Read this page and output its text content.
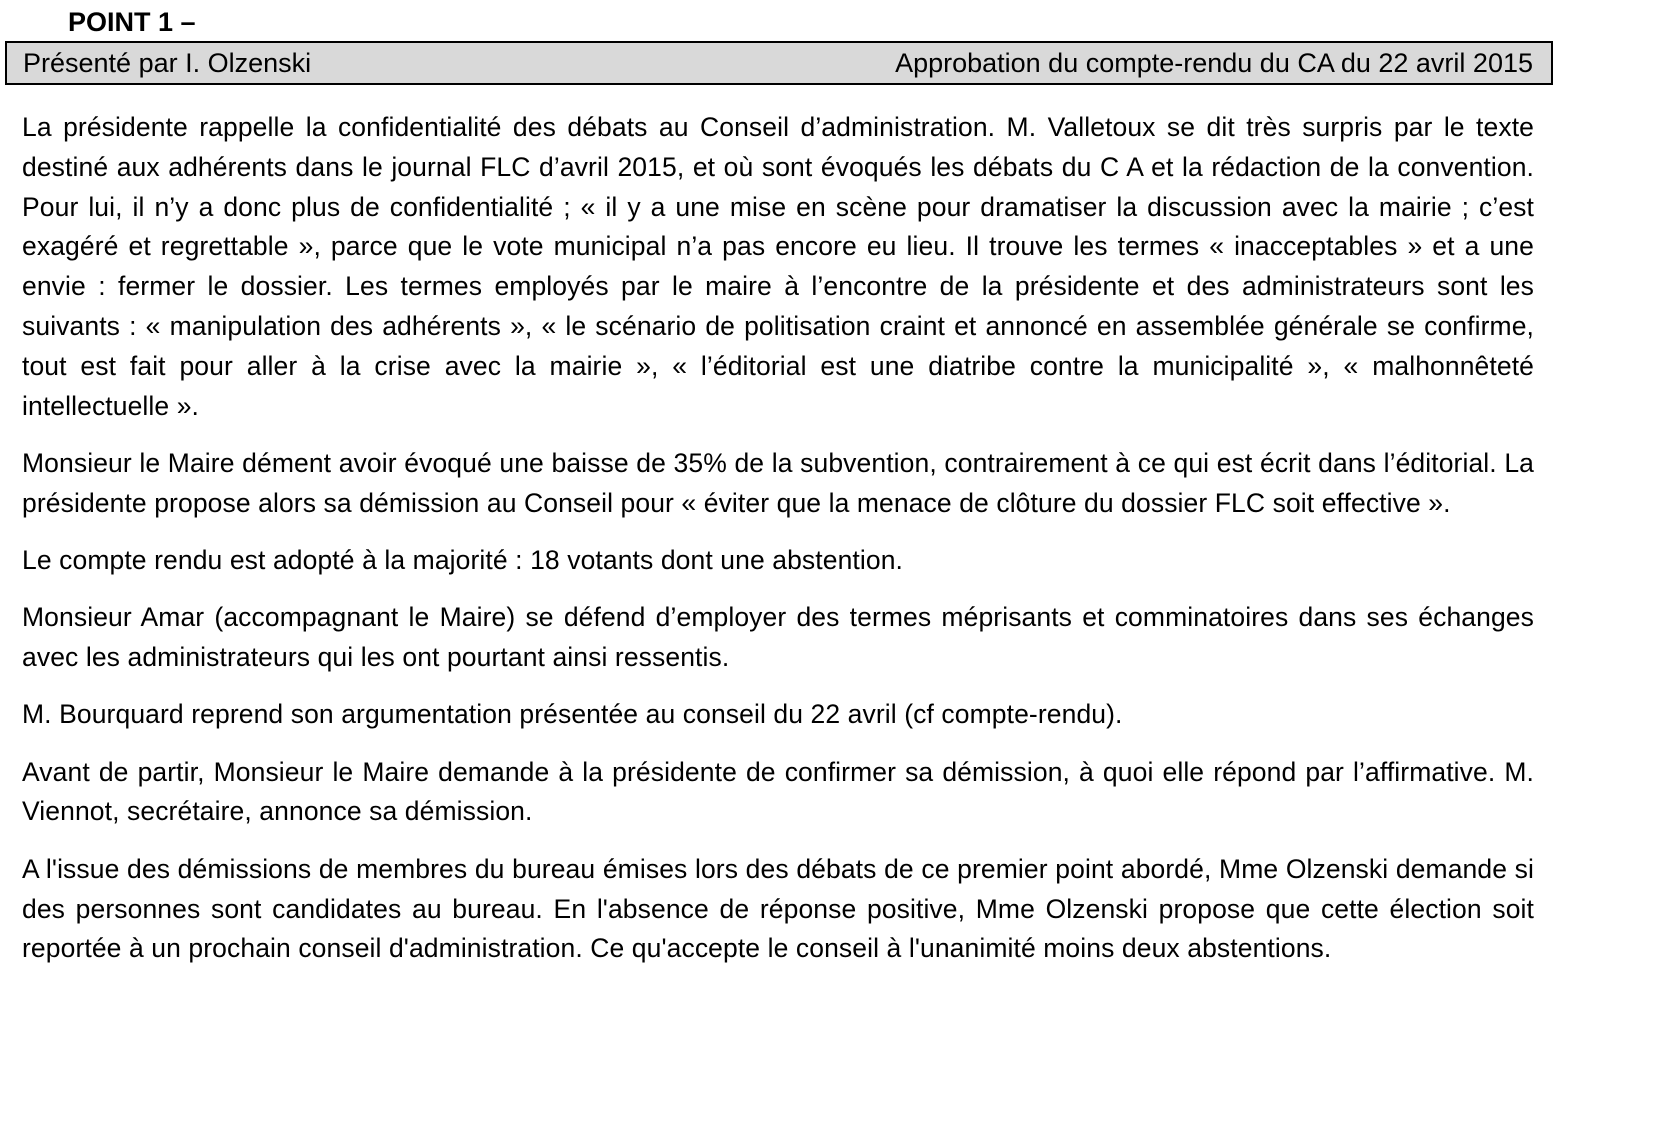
POINT 1 –
Présenté par I. Olzenski	Approbation du compte-rendu du CA du 22 avril 2015

La présidente rappelle la confidentialité des débats au Conseil d’administration. M. Valletoux se dit très surpris par le texte destiné aux adhérents dans le journal FLC d’avril 2015, et où sont évoqués les débats du C A et la rédaction de la convention. Pour lui, il n’y a donc plus de confidentialité ; « il y a une mise en scène pour dramatiser la discussion avec la mairie ; c’est exagéré et regrettable », parce que le vote municipal n’a pas encore eu lieu. Il trouve les termes « inacceptables » et a une envie : fermer le dossier. Les termes employés par le maire à l’encontre de la présidente et des administrateurs sont les suivants : « manipulation des adhérents », « le scénario de politisation craint et annoncé en assemblée générale se confirme, tout est fait pour aller à la crise avec la mairie », « l’éditorial est une diatribe contre la municipalité », « malhonnêteté intellectuelle ».

Monsieur le Maire dément avoir évoqué une baisse de 35% de la subvention, contrairement à ce qui est écrit dans l’éditorial. La présidente propose alors sa démission au Conseil pour « éviter que la menace de clôture du dossier FLC soit effective ».

Le compte rendu est adopté à la majorité : 18 votants dont une abstention.

Monsieur Amar (accompagnant le Maire) se défend d’employer des termes méprisants et comminatoires dans ses échanges avec les administrateurs qui les ont pourtant ainsi ressentis.

M. Bourquard reprend son argumentation présentée au conseil du 22 avril (cf compte-rendu).

Avant de partir, Monsieur le Maire demande à la présidente de confirmer sa démission, à quoi elle répond par l’affirmative. M. Viennot, secrétaire, annonce sa démission.

A l'issue des démissions de membres du bureau émises lors des débats de ce premier point abordé, Mme Olzenski demande si des personnes sont candidates au bureau. En l'absence de réponse positive, Mme Olzenski propose que cette élection soit reportée à un prochain conseil d'administration. Ce qu'accepte le conseil à l'unanimité moins deux abstentions.
